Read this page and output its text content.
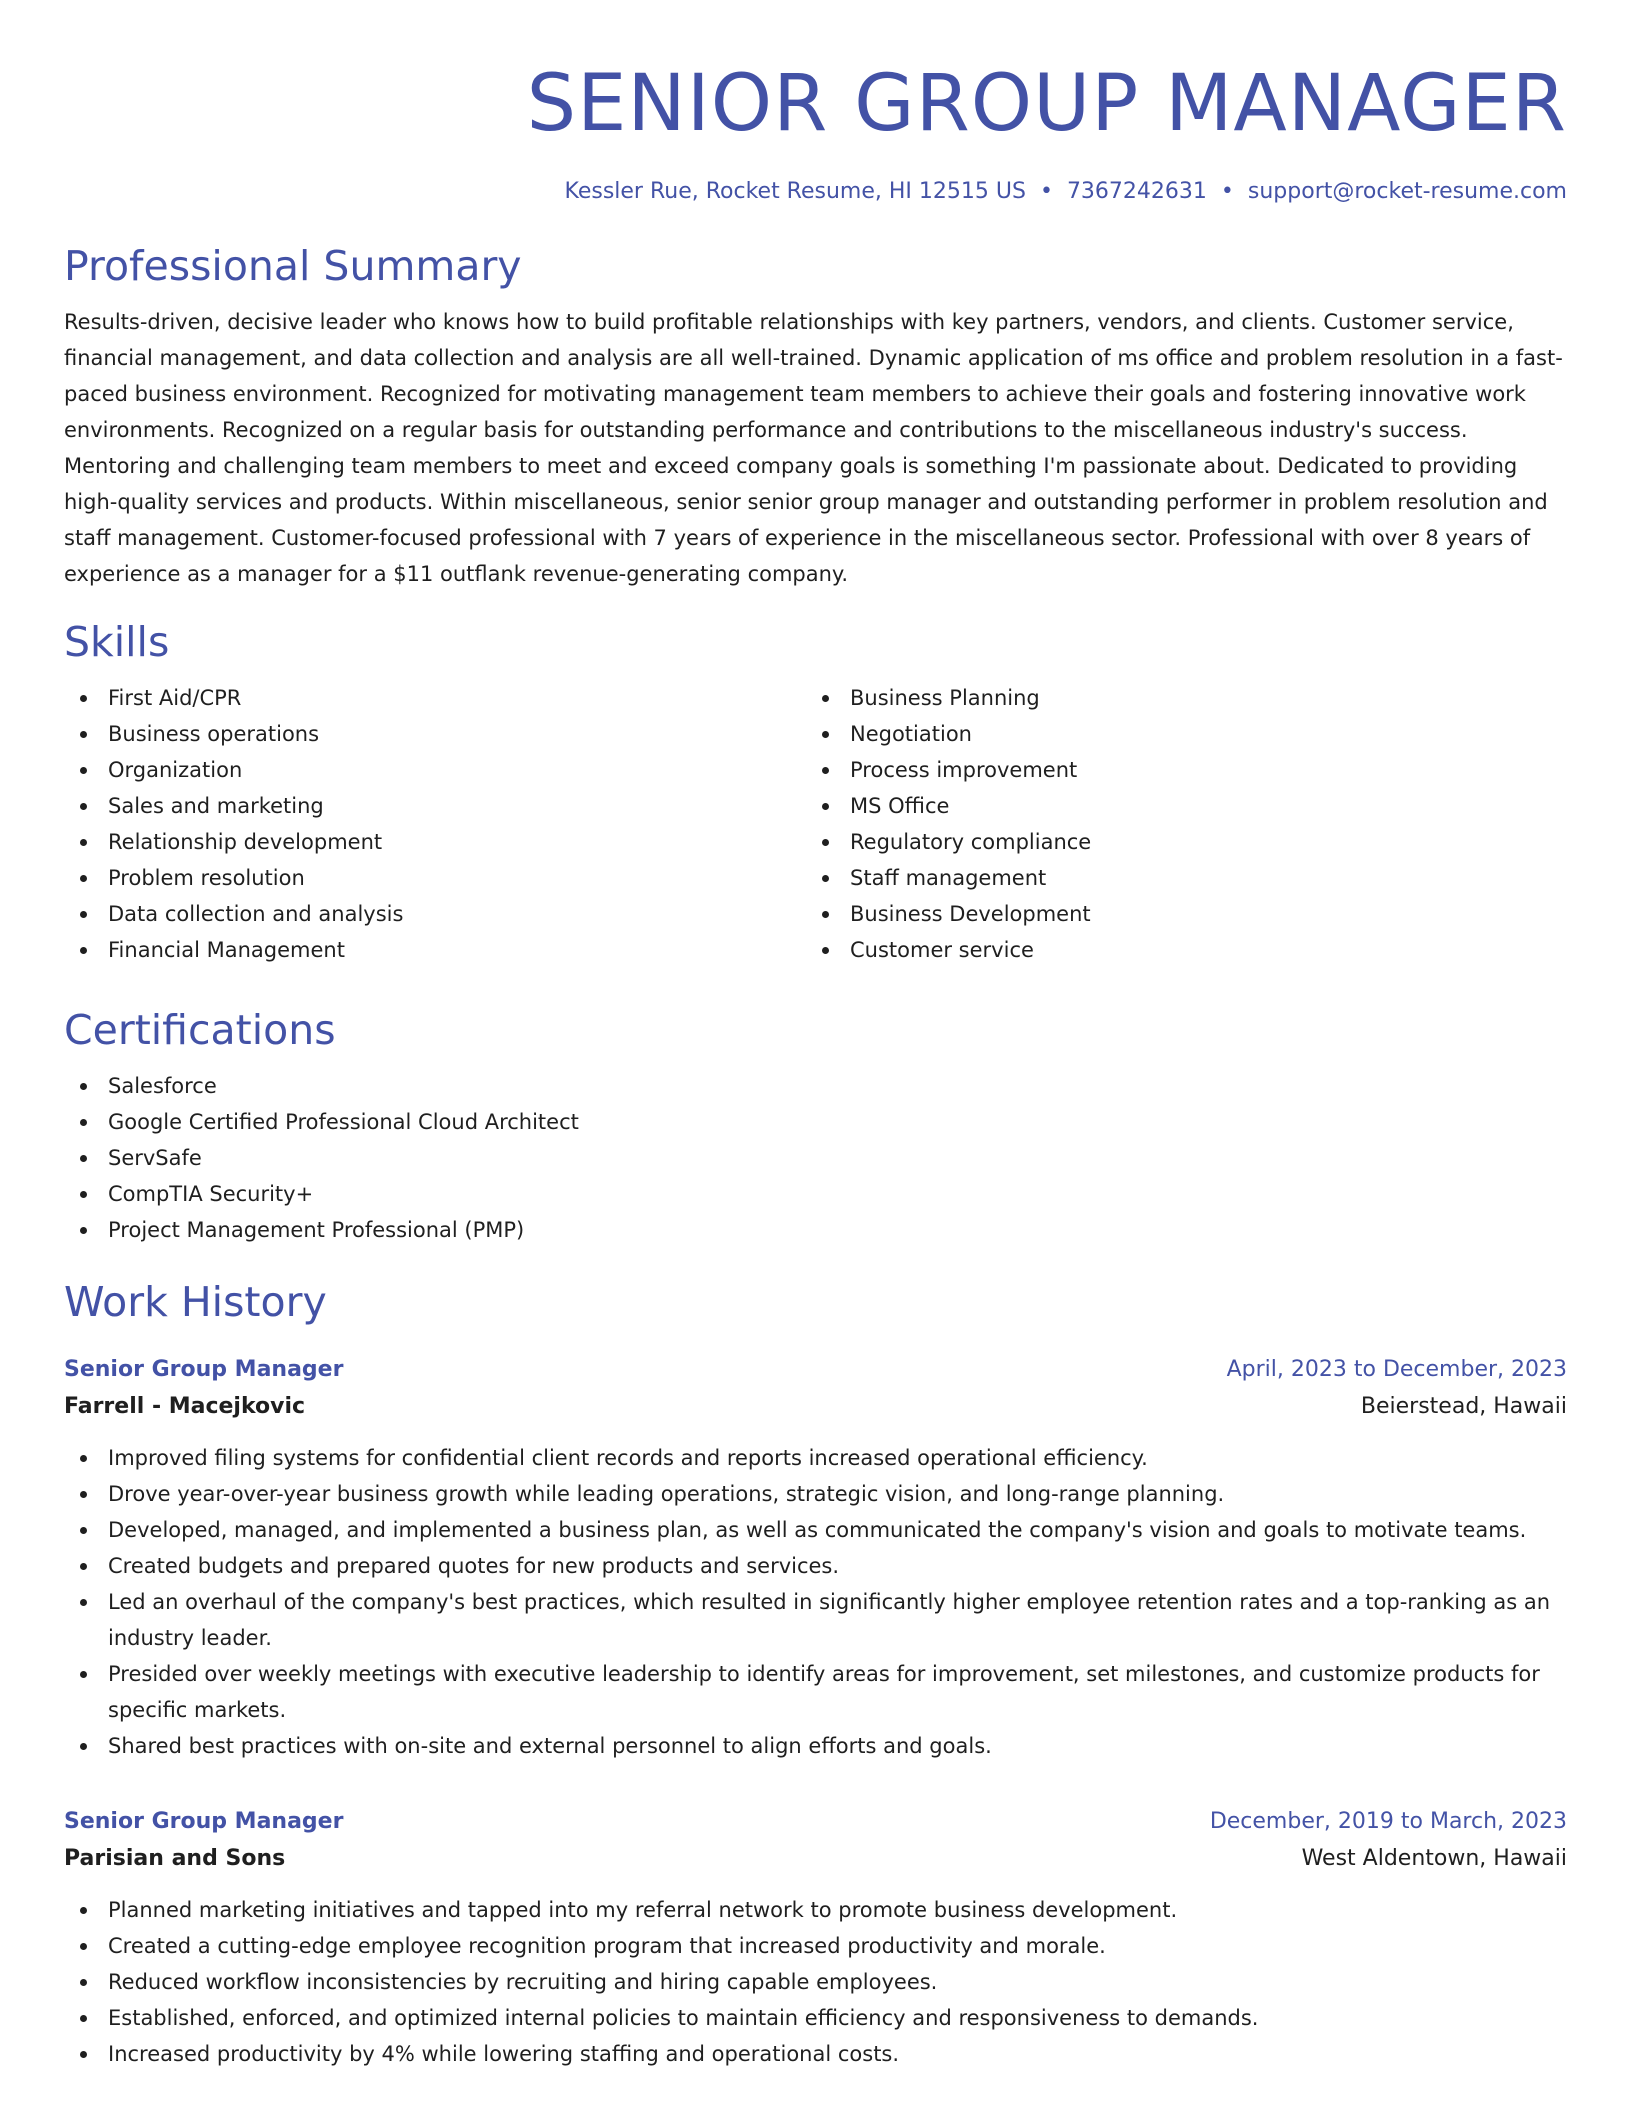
SENIOR GROUP MANAGER
Kessler Rue, Rocket Resume, HI 12515 US • 7367242631 • support@rocket-resume.com
Professional Summary

Results-driven, decisive leader who knows how to build profitable relationships with key partners, vendors, and clients. Customer service, financial management, and data collection and analysis are all well-trained. Dynamic application of ms office and problem resolution in a fast-paced business environment. Recognized for motivating management team members to achieve their goals and fostering innovative work environments. Recognized on a regular basis for outstanding performance and contributions to the miscellaneous industry's success. Mentoring and challenging team members to meet and exceed company goals is something I'm passionate about. Dedicated to providing high-quality services and products. Within miscellaneous, senior senior group manager and outstanding performer in problem resolution and staff management. Customer-focused professional with 7 years of experience in the miscellaneous sector. Professional with over 8 years of experience as a manager for a $11 outflank revenue-generating company.

Skills
First Aid/CPR
Business operations
Organization
Sales and marketing
Relationship development
Problem resolution
Data collection and analysis
Financial Management
Business Planning
Negotiation
Process improvement
MS Office
Regulatory compliance
Staff management
Business Development
Customer service
Certifications
Salesforce
Google Certified Professional Cloud Architect
ServSafe
CompTIA Security+
Project Management Professional (PMP)
Work History
Senior Group Manager	April, 2023 to December, 2023
Farrell - Macejkovic	Beierstead, Hawaii
Improved filing systems for confidential client records and reports increased operational efficiency.
Drove year-over-year business growth while leading operations, strategic vision, and long-range planning.
Developed, managed, and implemented a business plan, as well as communicated the company's vision and goals to motivate teams.
Created budgets and prepared quotes for new products and services.
Led an overhaul of the company's best practices, which resulted in significantly higher employee retention rates and a top-ranking as an industry leader.
Presided over weekly meetings with executive leadership to identify areas for improvement, set milestones, and customize products for specific markets.
Shared best practices with on-site and external personnel to align efforts and goals.
Senior Group Manager	December, 2019 to March, 2023
Parisian and Sons	West Aldentown, Hawaii
Planned marketing initiatives and tapped into my referral network to promote business development.
Created a cutting-edge employee recognition program that increased productivity and morale.
Reduced workflow inconsistencies by recruiting and hiring capable employees.
Established, enforced, and optimized internal policies to maintain efficiency and responsiveness to demands.
Increased productivity by 4% while lowering staffing and operational costs.
